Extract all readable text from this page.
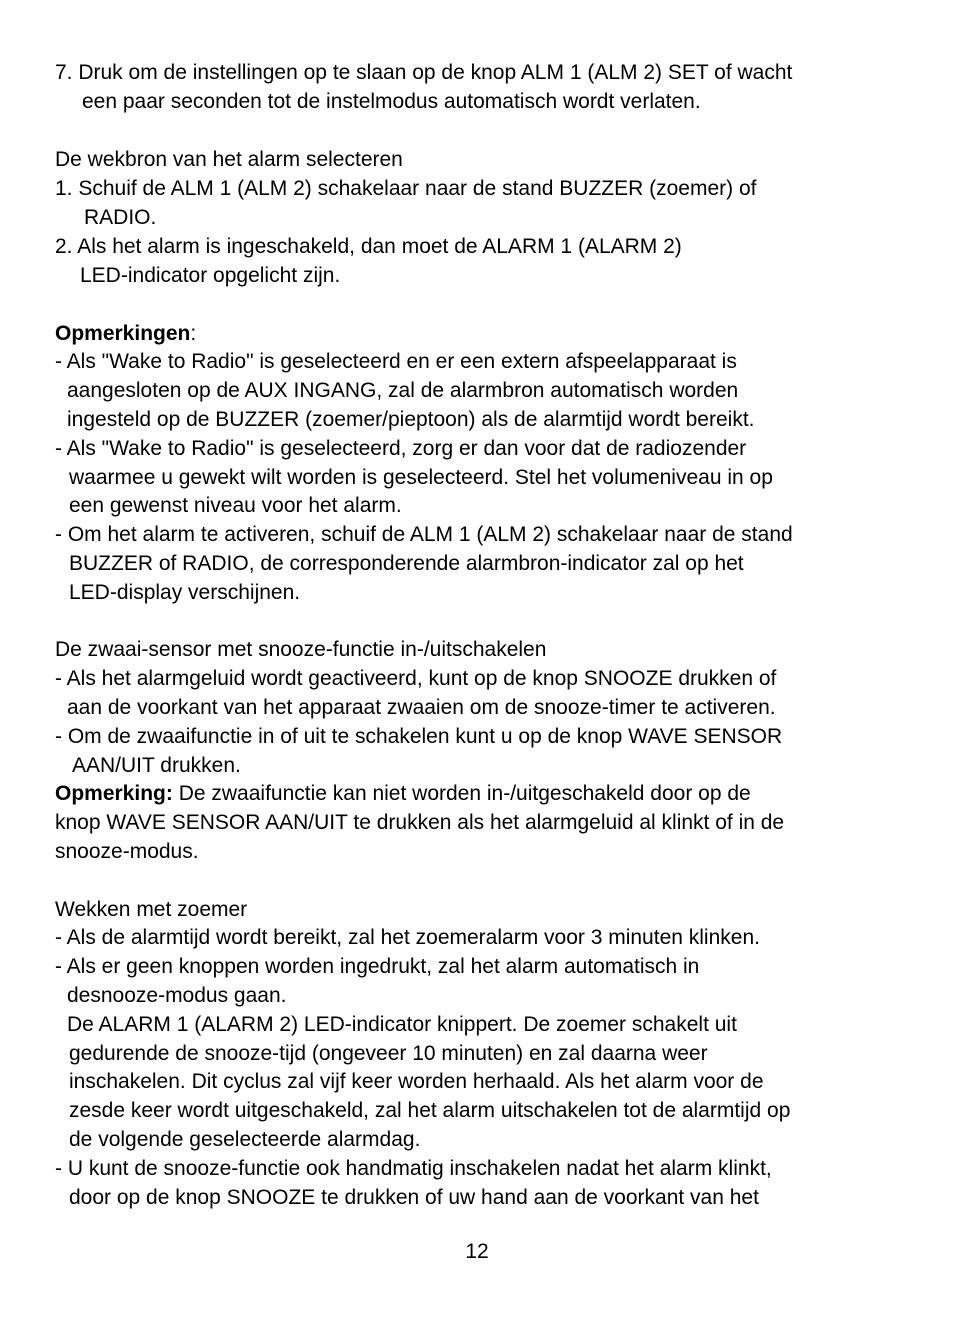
7. Druk om de instellingen op te slaan op de knop ALM 1 (ALM 2) SET of wacht
een paar seconden tot de instelmodus automatisch wordt verlaten.
De wekbron van het alarm selecteren
1. Schuif de ALM 1 (ALM 2) schakelaar naar de stand BUZZER (zoemer) of
RADIO.
2. Als het alarm is ingeschakeld, dan moet de ALARM 1 (ALARM 2)
LED-indicator opgelicht zijn.
Opmerkingen:
- Als "Wake to Radio" is geselecteerd en er een extern afspeelapparaat is
aangesloten op de AUX INGANG, zal de alarmbron automatisch worden
ingesteld op de BUZZER (zoemer/pieptoon) als de alarmtijd wordt bereikt.
- Als "Wake to Radio" is geselecteerd, zorg er dan voor dat de radiozender
waarmee u gewekt wilt worden is geselecteerd. Stel het volumeniveau in op
een gewenst niveau voor het alarm.
- Om het alarm te activeren, schuif de ALM 1 (ALM 2) schakelaar naar de stand
BUZZER of RADIO, de corresponderende alarmbron-indicator zal op het
LED-display verschijnen.
De zwaai-sensor met snooze-functie in-/uitschakelen
- Als het alarmgeluid wordt geactiveerd, kunt op de knop SNOOZE drukken of
aan de voorkant van het apparaat zwaaien om de snooze-timer te activeren.
- Om de zwaaifunctie in of uit te schakelen kunt u op de knop WAVE SENSOR
AAN/UIT drukken.
Opmerking: De zwaaifunctie kan niet worden in-/uitgeschakeld door op de
knop WAVE SENSOR AAN/UIT te drukken als het alarmgeluid al klinkt of in de
snooze-modus.
Wekken met zoemer
- Als de alarmtijd wordt bereikt, zal het zoemeralarm voor 3 minuten klinken.
- Als er geen knoppen worden ingedrukt, zal het alarm automatisch in
desnooze-modus gaan.
De ALARM 1 (ALARM 2) LED-indicator knippert. De zoemer schakelt uit
gedurende de snooze-tijd (ongeveer 10 minuten) en zal daarna weer
inschakelen. Dit cyclus zal vijf keer worden herhaald. Als het alarm voor de
zesde keer wordt uitgeschakeld, zal het alarm uitschakelen tot de alarmtijd op
de volgende geselecteerde alarmdag.
- U kunt de snooze-functie ook handmatig inschakelen nadat het alarm klinkt,
door op de knop SNOOZE te drukken of uw hand aan de voorkant van het
12
